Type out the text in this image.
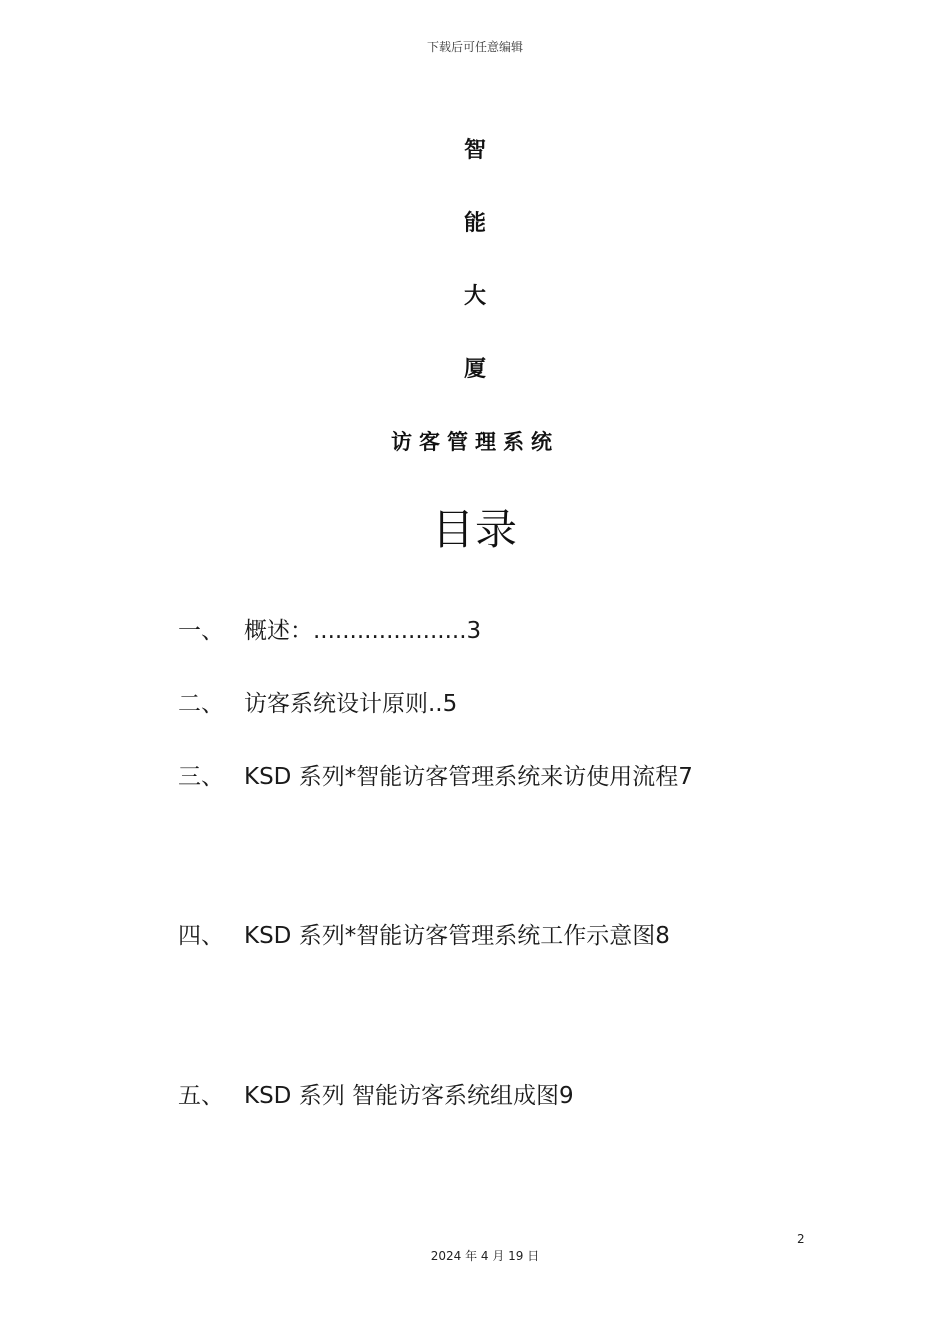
下载后可任意编辑
智
能
大
厦
访客管理系统
目录
一、 概述：.....................3
二、 访客系统设计原则..5
三、 KSD 系列*智能访客管理系统来访使用流程7
四、 KSD 系列*智能访客管理系统工作示意图8
五、 KSD 系列 智能访客系统组成图9
2
2024 年 4 月 19 日
